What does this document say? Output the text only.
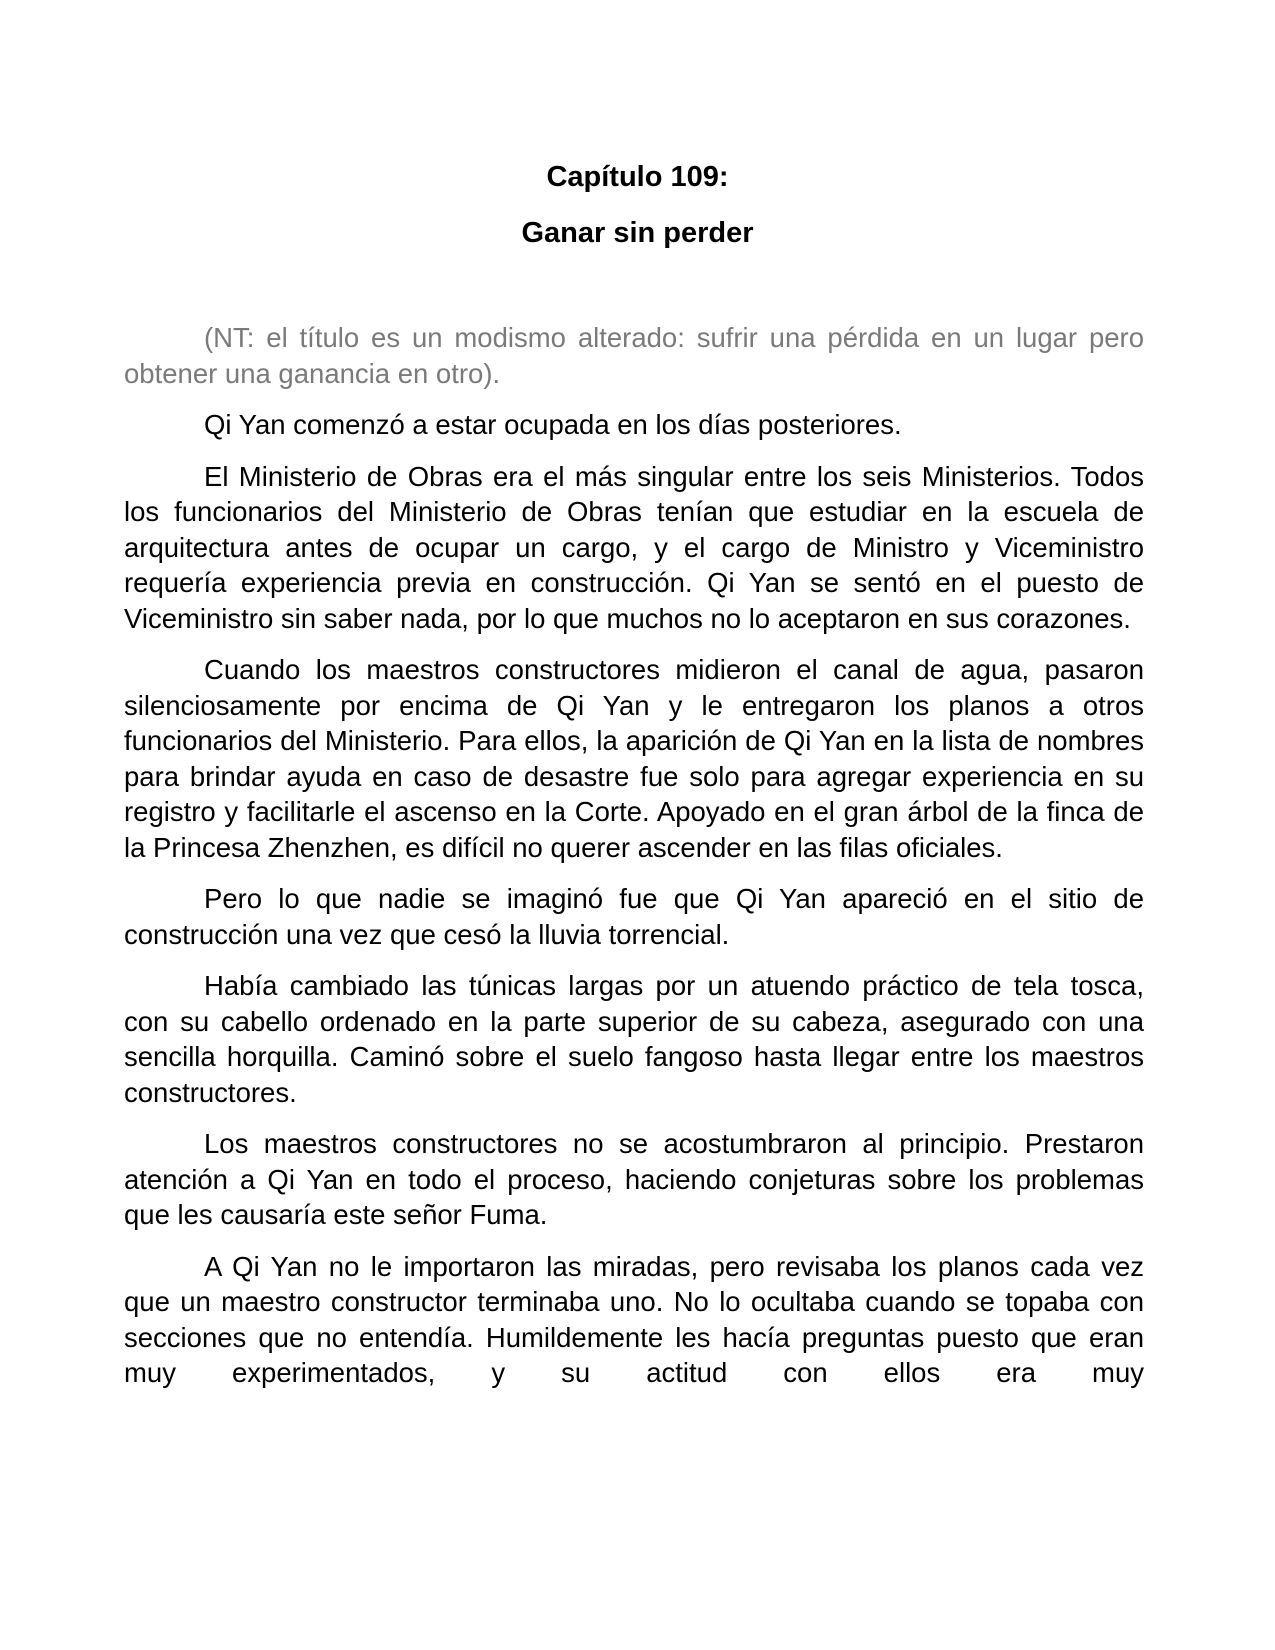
Capítulo 109:
Ganar sin perder

(NT: el título es un modismo alterado: sufrir una pérdida en un lugar pero obtener una ganancia en otro).

Qi Yan comenzó a estar ocupada en los días posteriores.

El Ministerio de Obras era el más singular entre los seis Ministerios. Todos los funcionarios del Ministerio de Obras tenían que estudiar en la escuela de arquitectura antes de ocupar un cargo, y el cargo de Ministro y Viceministro requería experiencia previa en construcción. Qi Yan se sentó en el puesto de Viceministro sin saber nada, por lo que muchos no lo aceptaron en sus corazones.

Cuando los maestros constructores midieron el canal de agua, pasaron silenciosamente por encima de Qi Yan y le entregaron los planos a otros funcionarios del Ministerio. Para ellos, la aparición de Qi Yan en la lista de nombres para brindar ayuda en caso de desastre fue solo para agregar experiencia en su registro y facilitarle el ascenso en la Corte. Apoyado en el gran árbol de la finca de la Princesa Zhenzhen, es difícil no querer ascender en las filas oficiales.

Pero lo que nadie se imaginó fue que Qi Yan apareció en el sitio de construcción una vez que cesó la lluvia torrencial.

Había cambiado las túnicas largas por un atuendo práctico de tela tosca, con su cabello ordenado en la parte superior de su cabeza, asegurado con una sencilla horquilla. Caminó sobre el suelo fangoso hasta llegar entre los maestros constructores.

Los maestros constructores no se acostumbraron al principio. Prestaron atención a Qi Yan en todo el proceso, haciendo conjeturas sobre los problemas que les causaría este señor Fuma.

A Qi Yan no le importaron las miradas, pero revisaba los planos cada vez que un maestro constructor terminaba uno. No lo ocultaba cuando se topaba con secciones que no entendía. Humildemente les hacía preguntas puesto que eran muy experimentados, y su actitud con ellos era muy
